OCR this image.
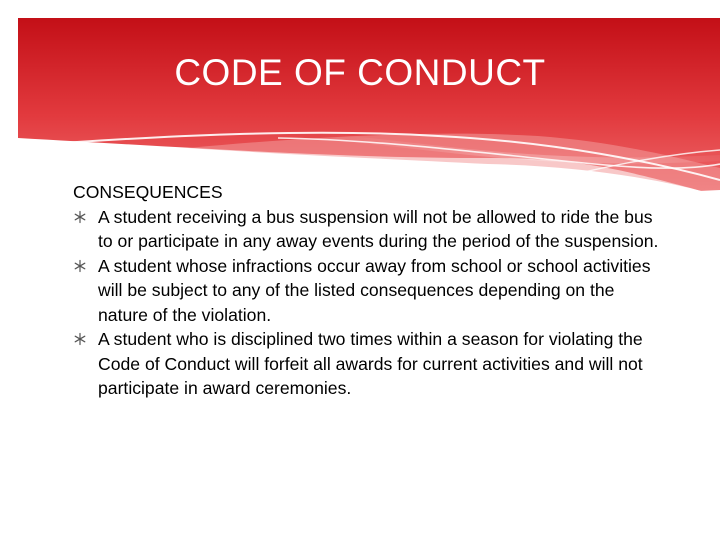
CODE OF CONDUCT
CONSEQUENCES
A student receiving a bus suspension will not be allowed to ride the bus to or participate in any away events during the period of the suspension.
A student whose infractions occur away from school or school activities will be subject to any of the listed consequences depending on the nature of the violation.
A student who is disciplined two times within a season for violating the Code of Conduct will forfeit all awards for current activities and will not participate in award ceremonies.
